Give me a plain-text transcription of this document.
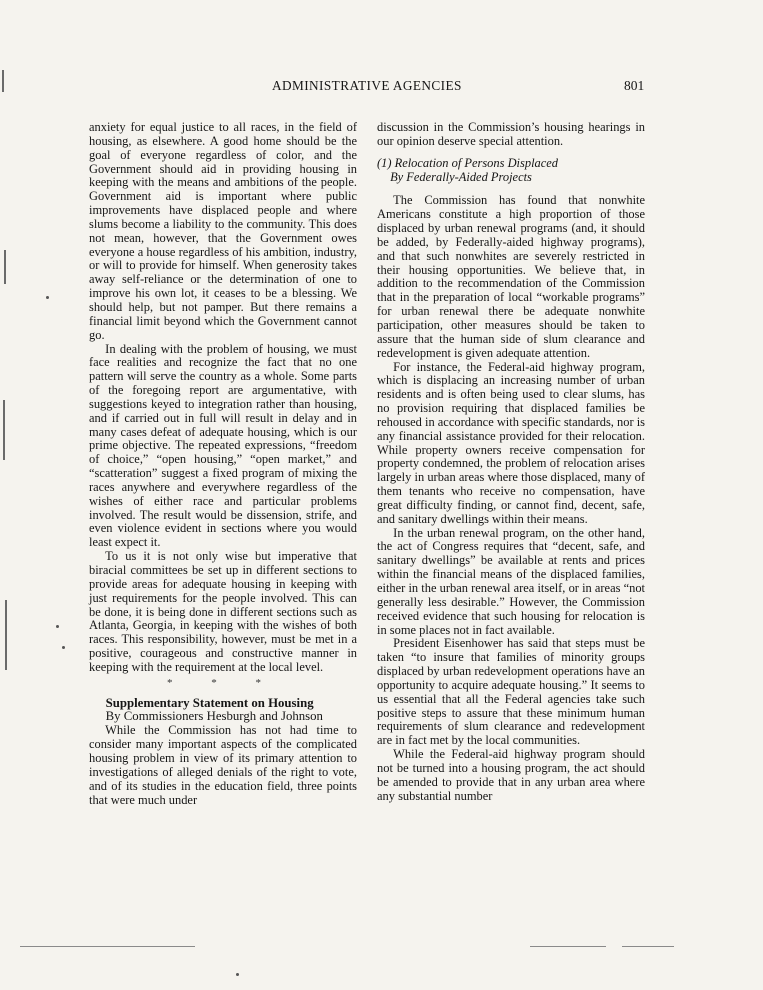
ADMINISTRATIVE AGENCIES	801

anxiety for equal justice to all races, in the field of housing, as elsewhere. A good home should be the goal of everyone regardless of color, and the Government should aid in providing housing in keeping with the means and ambitions of the people. Government aid is important where public improvements have displaced people and where slums become a liability to the community. This does not mean, however, that the Government owes everyone a house regardless of his ambition, industry, or will to provide for himself. When generosity takes away self-reliance or the determination of one to improve his own lot, it ceases to be a blessing. We should help, but not pamper. But there remains a financial limit beyond which the Government cannot go.

In dealing with the problem of housing, we must face realities and recognize the fact that no one pattern will serve the country as a whole. Some parts of the foregoing report are argumentative, with suggestions keyed to integration rather than housing, and if carried out in full will result in delay and in many cases defeat of adequate housing, which is our prime objective. The repeated expressions, “freedom of choice,” “open housing,” “open market,” and “scatteration” suggest a fixed program of mixing the races anywhere and everywhere regardless of the wishes of either race and particular problems involved. The result would be dissension, strife, and even violence evident in sections where you would least expect it.

To us it is not only wise but imperative that biracial committees be set up in different sections to provide areas for adequate housing in keeping with just requirements for the people involved. This can be done, it is being done in different sections such as Atlanta, Georgia, in keeping with the wishes of both races. This responsibility, however, must be met in a positive, courageous and constructive manner in keeping with the requirement at the local level.

* * *

Supplementary Statement on Housing

By Commissioners Hesburgh and Johnson

While the Commission has not had time to consider many important aspects of the complicated housing problem in view of its primary attention to investigations of alleged denials of the right to vote, and of its studies in the education field, three points that were much under

discussion in the Commission’s housing hearings in our opinion deserve special attention.

(1) Relocation of Persons Displaced
By Federally-Aided Projects

The Commission has found that nonwhite Americans constitute a high proportion of those displaced by urban renewal programs (and, it should be added, by Federally-aided highway programs), and that such nonwhites are severely restricted in their housing opportunities. We believe that, in addition to the recommendation of the Commission that in the preparation of local “workable programs” for urban renewal there be adequate nonwhite participation, other measures should be taken to assure that the human side of slum clearance and redevelopment is given adequate attention.

For instance, the Federal-aid highway program, which is displacing an increasing number of urban residents and is often being used to clear slums, has no provision requiring that displaced families be rehoused in accordance with specific standards, nor is any financial assistance provided for their relocation. While property owners receive compensation for property condemned, the problem of relocation arises largely in urban areas where those displaced, many of them tenants who receive no compensation, have great difficulty finding, or cannot find, decent, safe, and sanitary dwellings within their means.

In the urban renewal program, on the other hand, the act of Congress requires that “decent, safe, and sanitary dwellings” be available at rents and prices within the financial means of the displaced families, either in the urban renewal area itself, or in areas “not generally less desirable.” However, the Commission received evidence that such housing for relocation is in some places not in fact available.

President Eisenhower has said that steps must be taken “to insure that families of minority groups displaced by urban redevelopment operations have an opportunity to acquire adequate housing.” It seems to us essential that all the Federal agencies take such positive steps to assure that these minimum human requirements of slum clearance and redevelopment are in fact met by the local communities.

While the Federal-aid highway program should not be turned into a housing program, the act should be amended to provide that in any urban area where any substantial number
